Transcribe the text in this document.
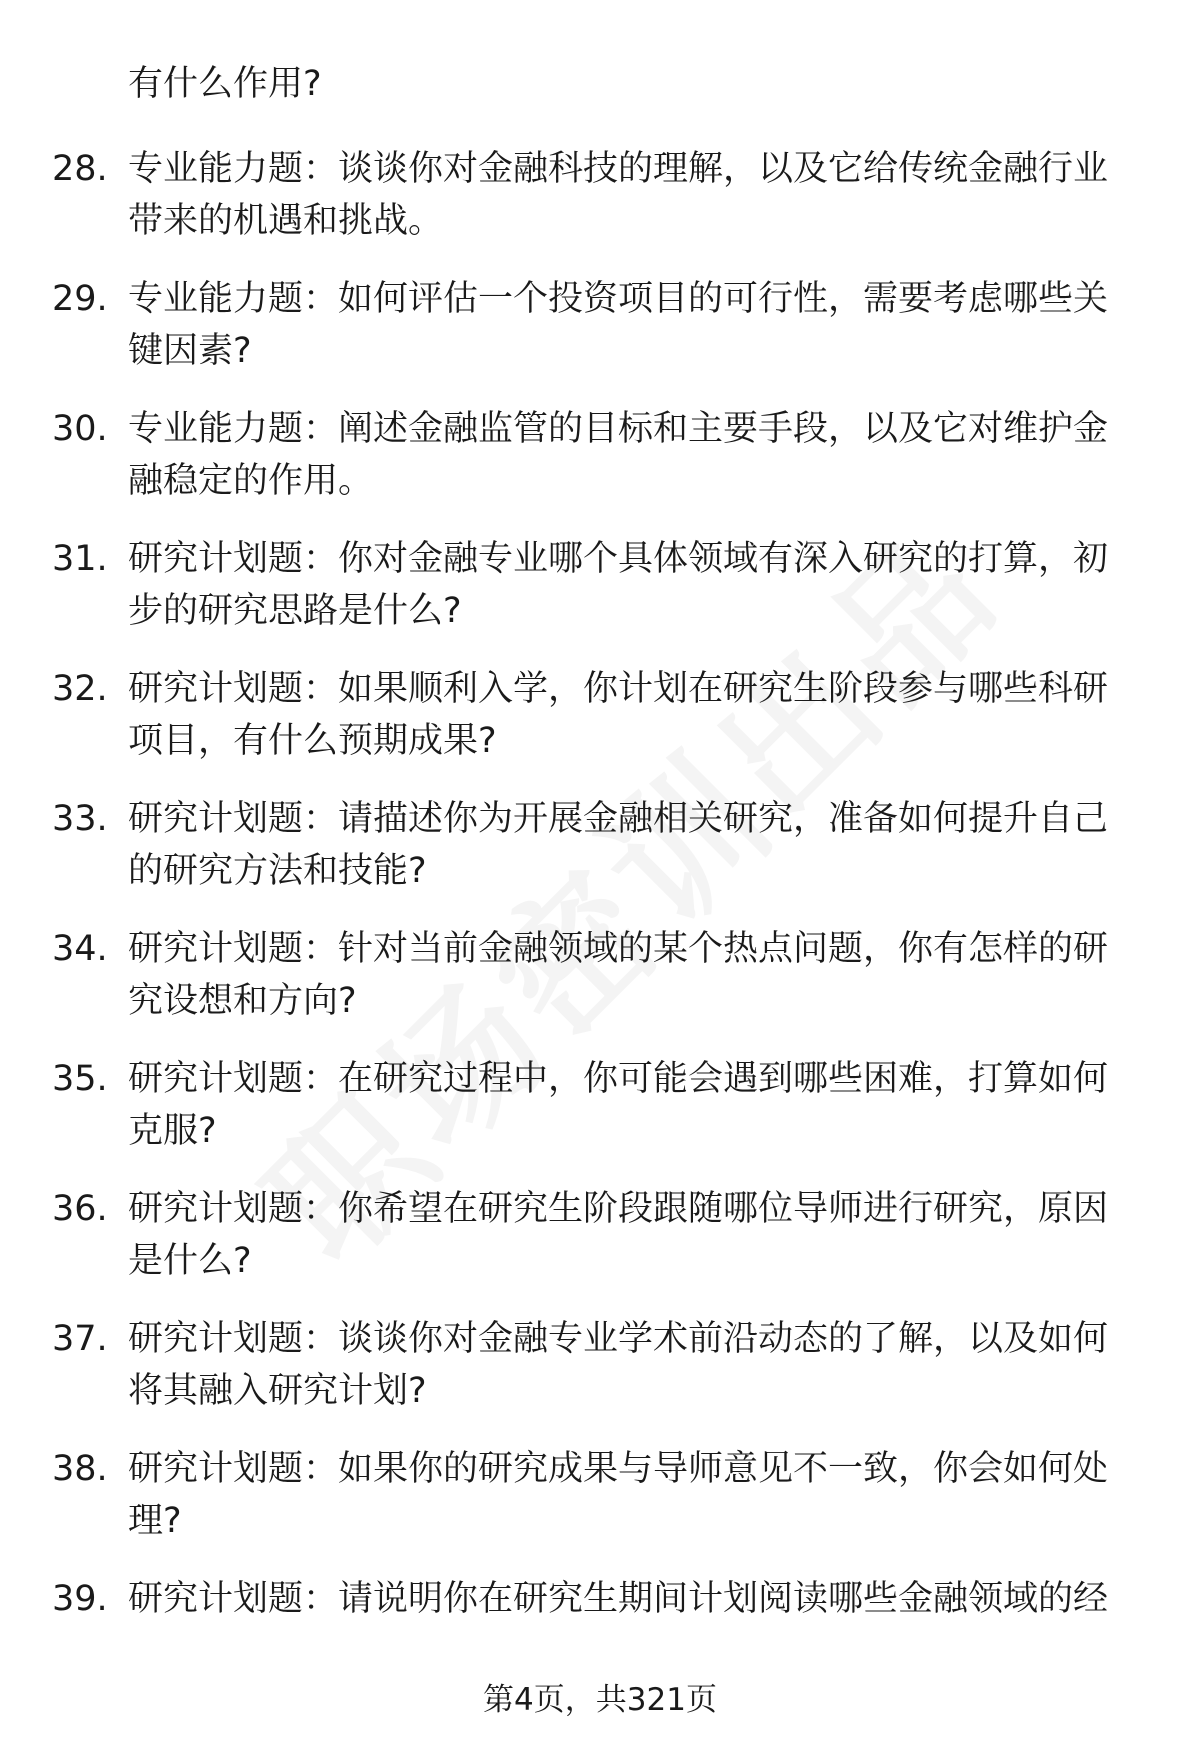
有什么作用?
28. 专业能力题：谈谈你对金融科技的理解，以及它给传统金融行业带来的机遇和挑战。
29. 专业能力题：如何评估一个投资项目的可行性，需要考虑哪些关键因素?
30. 专业能力题：阐述金融监管的目标和主要手段，以及它对维护金融稳定的作用。
31. 研究计划题：你对金融专业哪个具体领域有深入研究的打算，初步的研究思路是什么?
32. 研究计划题：如果顺利入学，你计划在研究生阶段参与哪些科研项目，有什么预期成果?
33. 研究计划题：请描述你为开展金融相关研究，准备如何提升自己的研究方法和技能?
34. 研究计划题：针对当前金融领域的某个热点问题，你有怎样的研究设想和方向?
35. 研究计划题：在研究过程中，你可能会遇到哪些困难，打算如何克服?
36. 研究计划题：你希望在研究生阶段跟随哪位导师进行研究，原因是什么?
37. 研究计划题：谈谈你对金融专业学术前沿动态的了解，以及如何将其融入研究计划?
38. 研究计划题：如果你的研究成果与导师意见不一致，你会如何处理?
39. 研究计划题：请说明你在研究生期间计划阅读哪些金融领域的经
第4页，共321页
